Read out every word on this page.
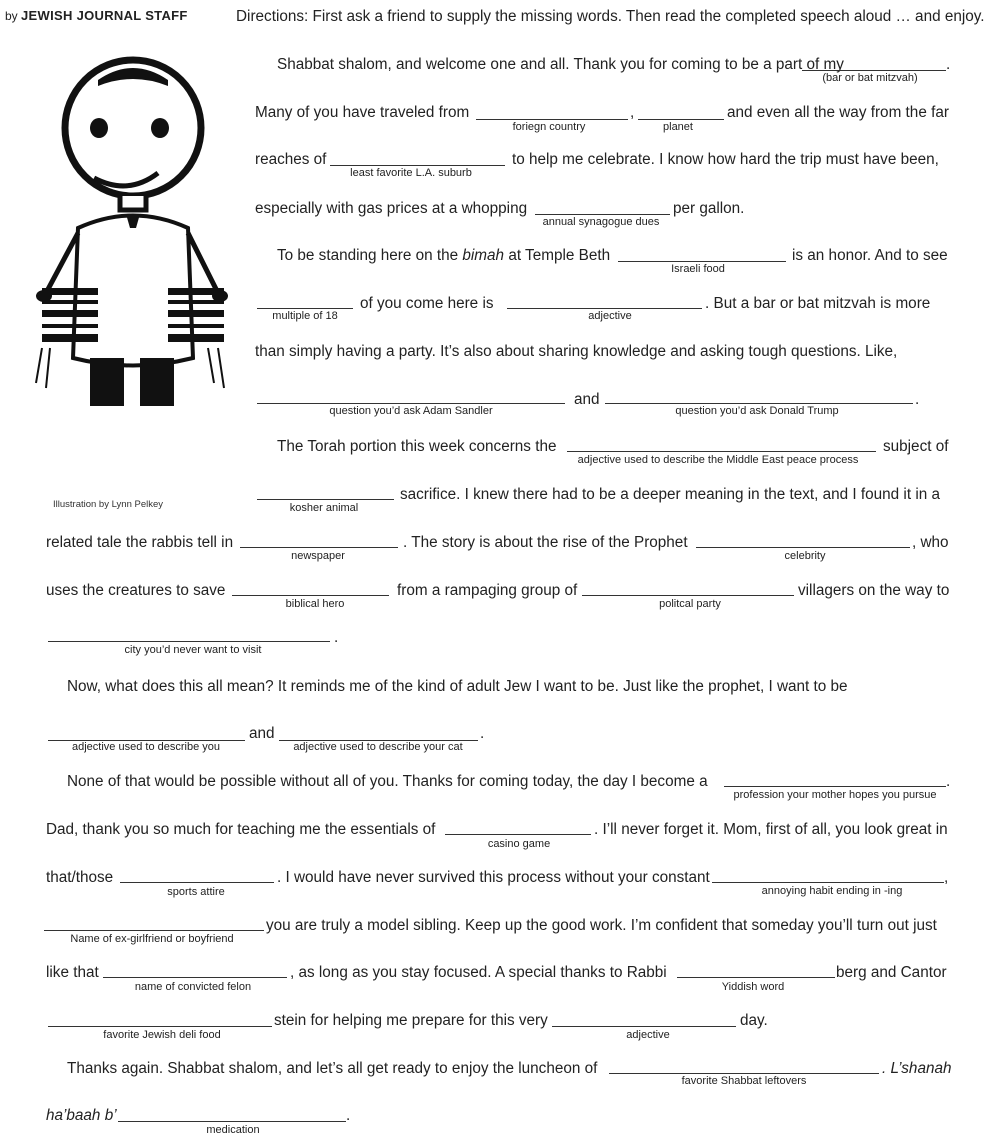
by JEWISH JOURNAL STAFF	Directions: First ask a friend to supply the missing words. Then read the completed speech aloud … and enjoy.
Illustration by Lynn Pelkey
Shabbat shalom, and welcome one and all. Thank you for coming to be a part of my	.
(bar or bat mitzvah)
Many of you have traveled from	,	and even all the way from the far
foriegn country	planet
reaches of	to help me celebrate. I know how hard the trip must have been,
least favorite L.A. suburb
especially with gas prices at a whopping	per gallon.
annual synagogue dues
To be standing here on the bimah at Temple Beth	is an honor. And to see
Israeli food
of you come here is	. But a bar or bat mitzvah is more
multiple of 18	adjective
than simply having a party. It’s also about sharing knowledge and asking tough questions. Like,
and	.
question you’d ask Adam Sandler	question you’d ask Donald Trump
The Torah portion this week concerns the	subject of
adjective used to describe the Middle East peace process
sacrifice. I knew there had to be a deeper meaning in the text, and I found it in a
kosher animal
related tale the rabbis tell in	. The story is about the rise of the Prophet	, who
newspaper	celebrity
uses the creatures to save	from a rampaging group of	villagers on the way to
biblical hero	politcal party
.
city you’d never want to visit
Now, what does this all mean? It reminds me of the kind of adult Jew I want to be. Just like the prophet, I want to be
and	.
adjective used to describe you	adjective used to describe your cat
None of that would be possible without all of you. Thanks for coming today, the day I become a	.
profession your mother hopes you pursue
Dad, thank you so much for teaching me the essentials of	. I’ll never forget it. Mom, first of all, you look great in
casino game
that/those	. I would have never survived this process without your constant	,
sports attire	annoying habit ending in -ing
you are truly a model sibling. Keep up the good work. I’m confident that someday you’ll turn out just
Name of ex-girlfriend or boyfriend
like that	, as long as you stay focused. A special thanks to Rabbi	berg and Cantor
name of convicted felon	Yiddish word
stein for helping me prepare for this very	day.
favorite Jewish deli food	adjective
Thanks again. Shabbat shalom, and let’s all get ready to enjoy the luncheon of	. L’shanah
favorite Shabbat leftovers
ha’baah b’	.
medication
